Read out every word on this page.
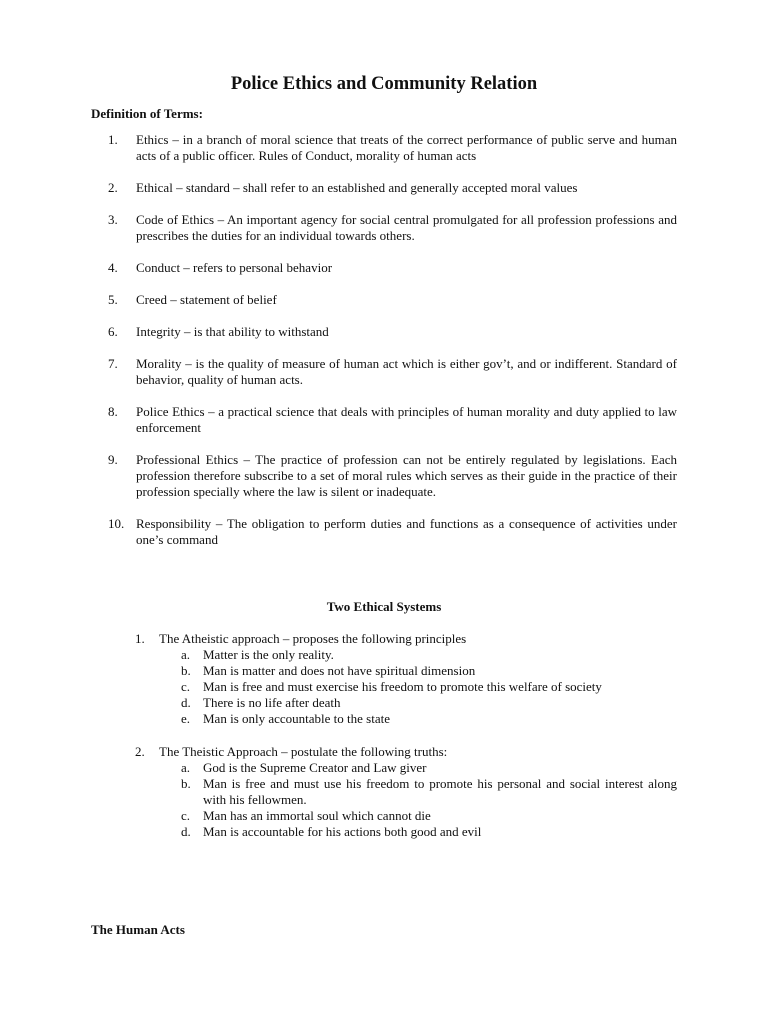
Police Ethics and Community Relation

Definition of Terms:

1.	Ethics – in a branch of moral science that treats of the correct performance of public serve and human acts of a public officer. Rules of Conduct, morality of human acts
2.	Ethical – standard – shall refer to an established and generally accepted moral values
3.	Code of Ethics – An important agency for social central promulgated for all profession professions and prescribes the duties for an individual towards others.
4.	Conduct – refers to personal behavior
5.	Creed – statement of belief
6.	Integrity – is that ability to withstand
7.	Morality – is the quality of measure of human act which is either gov’t, and or indifferent. Standard of behavior, quality of human acts.
8.	Police Ethics – a practical science that deals with principles of human morality and duty applied to law enforcement
9.	Professional Ethics – The practice of profession can not be entirely regulated by legislations. Each profession therefore subscribe to a set of moral rules which serves as their guide in the practice of their profession specially where the law is silent or inadequate.
10. Responsibility – The obligation to perform duties and functions as a consequence of activities under one’s command

Two Ethical Systems

1. The Atheistic approach – proposes the following principles
a. Matter is the only reality.
b. Man is matter and does not have spiritual dimension
c. Man is free and must exercise his freedom to promote this welfare of society
d. There is no life after death
e. Man is only accountable to the state
2. The Theistic Approach – postulate the following truths:
a. God is the Supreme Creator and Law giver
b. Man is free and must use his freedom to promote his personal and social interest along with his fellowmen.
c. Man has an immortal soul which cannot die
d. Man is accountable for his actions both good and evil

The Human Acts
